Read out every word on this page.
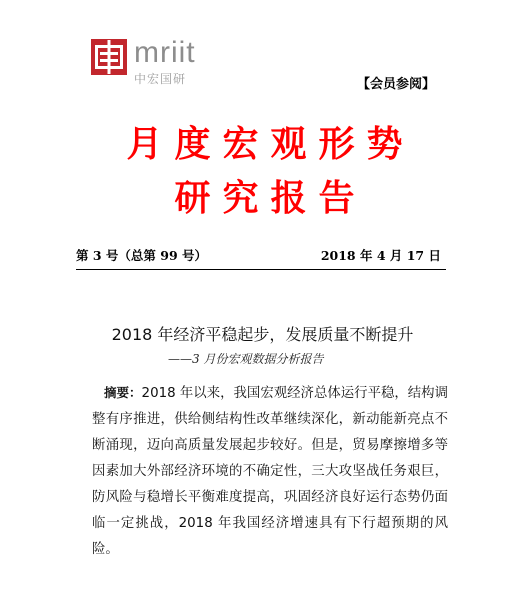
mriit
中宏国研	【会员参阅】
月度宏观形势
研究报告
第 3 号（总第 99 号）	2018 年 4 月 17 日
2018 年经济平稳起步，发展质量不断提升
——3 月份宏观数据分析报告
摘要：2018 年以来，我国宏观经济总体运行平稳，结构调整有序推进，供给侧结构性改革继续深化，新动能新亮点不断涌现，迈向高质量发展起步较好。但是，贸易摩擦增多等因素加大外部经济环境的不确定性，三大攻坚战任务艰巨，防风险与稳增长平衡难度提高，巩固经济良好运行态势仍面临一定挑战，2018 年我国经济增速具有下行超预期的风险。
